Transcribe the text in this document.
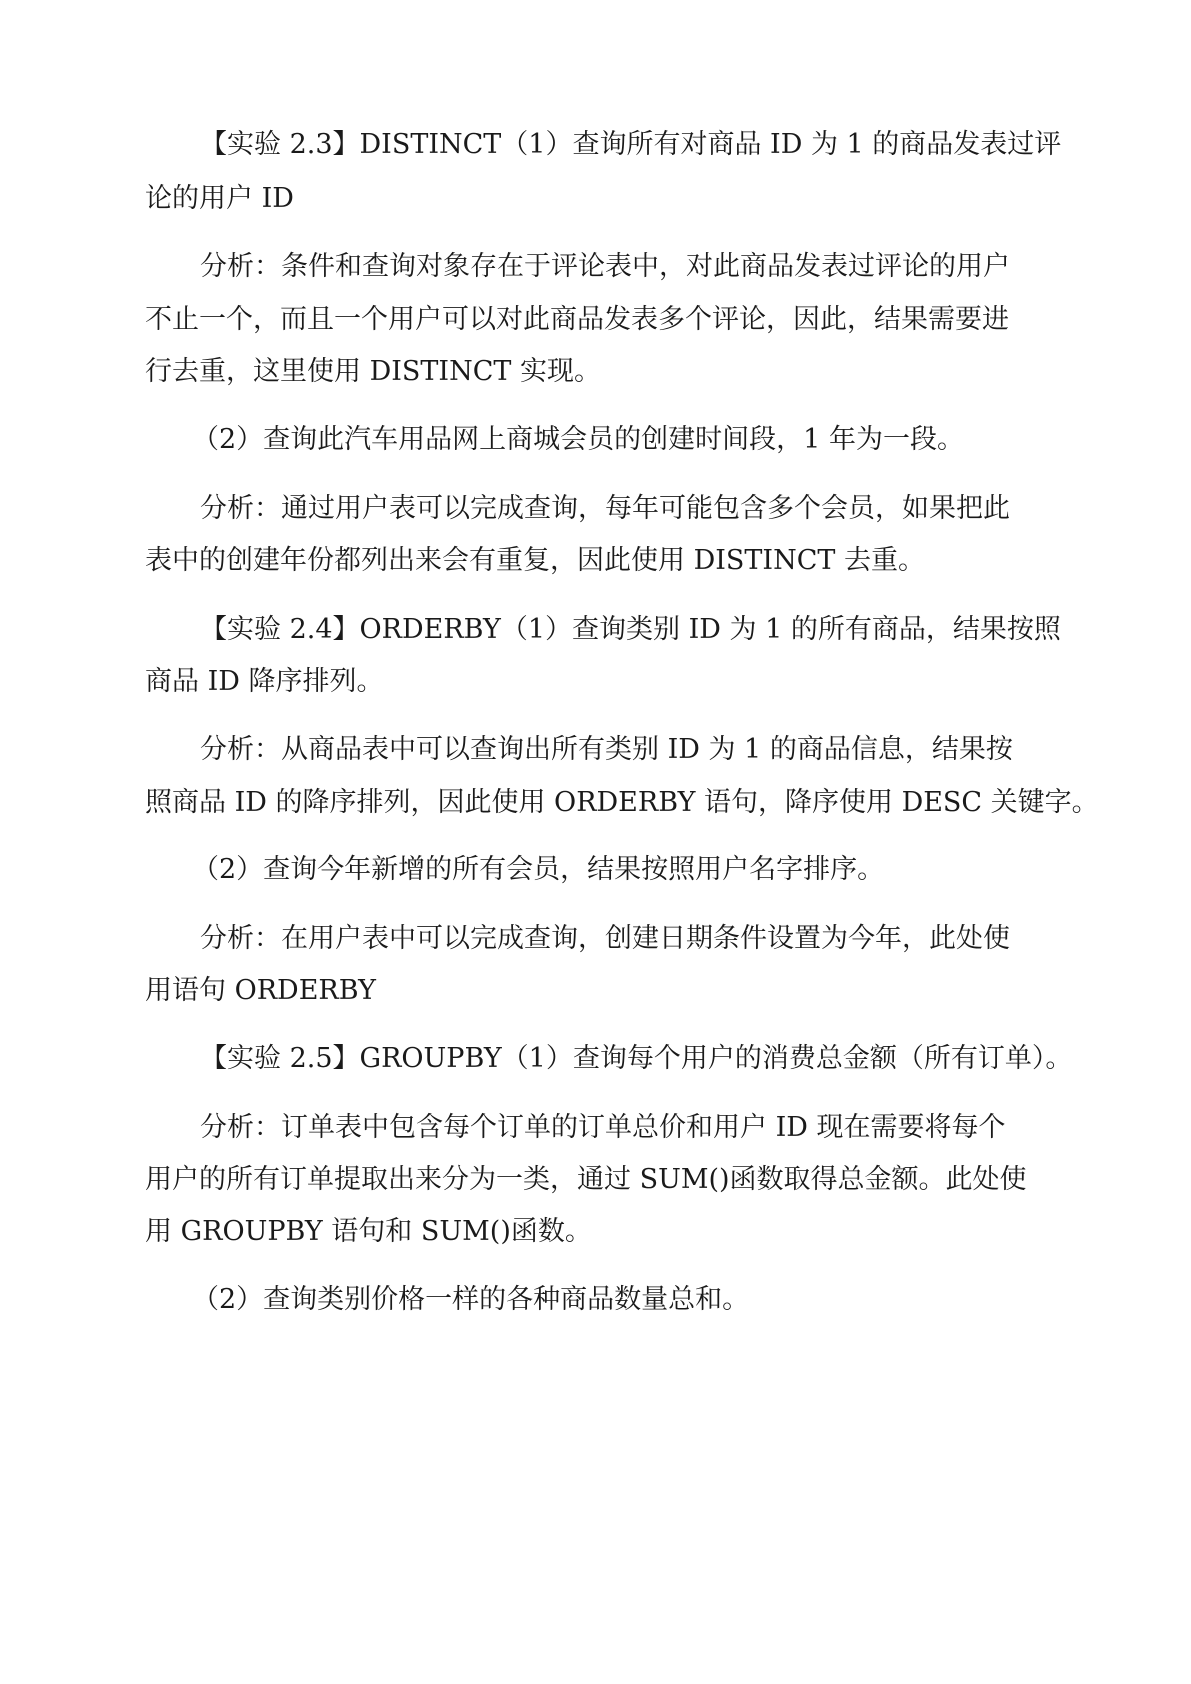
【实验 2.3】DISTINCT（1）查询所有对商品 ID 为 1 的商品发表过评
论的用户 ID
分析：条件和查询对象存在于评论表中，对此商品发表过评论的用户
不止一个，而且一个用户可以对此商品发表多个评论，因此，结果需要进
行去重，这里使用 DISTINCT 实现。
（2）查询此汽车用品网上商城会员的创建时间段，1 年为一段。
分析：通过用户表可以完成查询，每年可能包含多个会员，如果把此
表中的创建年份都列出来会有重复，因此使用 DISTINCT 去重。
【实验 2.4】ORDERBY（1）查询类别 ID 为 1 的所有商品，结果按照
商品 ID 降序排列。
分析：从商品表中可以查询出所有类别 ID 为 1 的商品信息，结果按
照商品 ID 的降序排列，因此使用 ORDERBY 语句，降序使用 DESC 关键字。
（2）查询今年新增的所有会员，结果按照用户名字排序。
分析：在用户表中可以完成查询，创建日期条件设置为今年，此处使
用语句 ORDERBY
【实验 2.5】GROUPBY（1）查询每个用户的消费总金额（所有订单）。
分析：订单表中包含每个订单的订单总价和用户 ID 现在需要将每个
用户的所有订单提取出来分为一类，通过 SUM()函数取得总金额。此处使
用 GROUPBY 语句和 SUM()函数。
（2）查询类别价格一样的各种商品数量总和。
